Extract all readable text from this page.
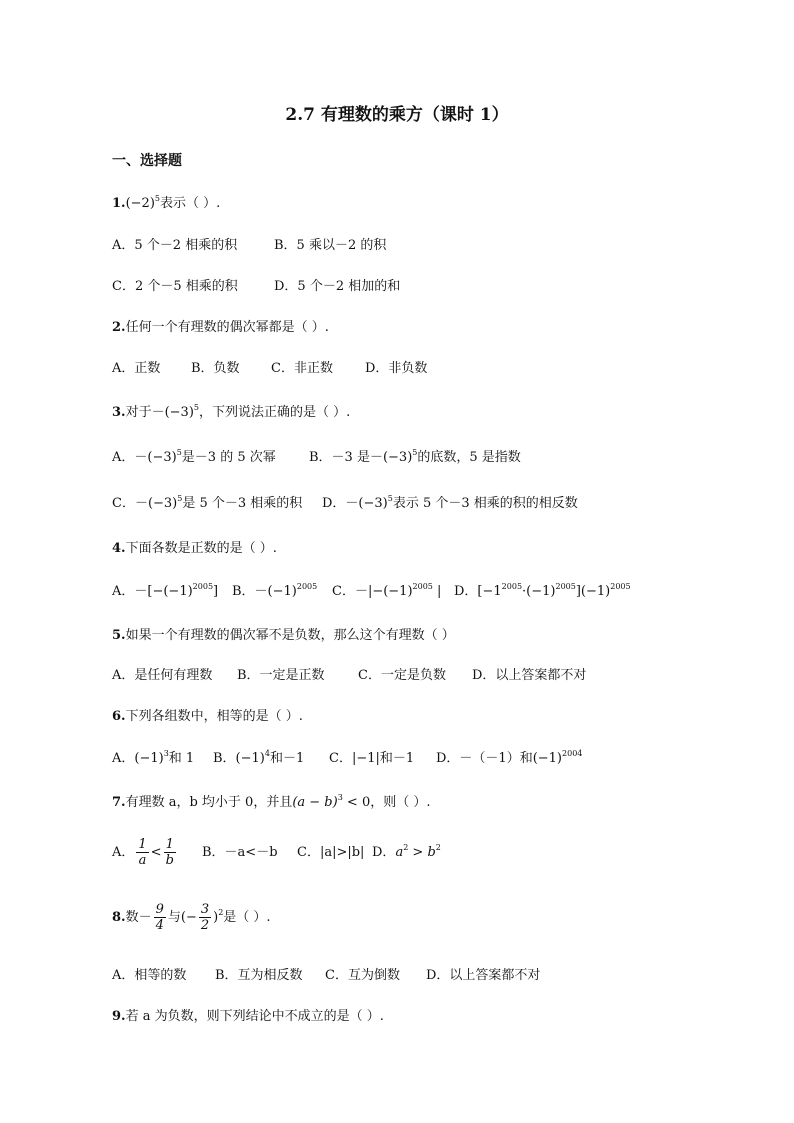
2.7 有理数的乘方（课时 1）
一、选择题
$1.(-2)^5$表示（ ）.
A．5 个－2 相乘的积	B．5 乘以－2 的积
C．2 个－5 相乘的积	D．5 个－2 相加的和
2.任何一个有理数的偶次幂都是（ ）.
A．正数 B．负数 C．非正数 D．非负数
3.对于$-(-3)^5$，下列说法正确的是（ ）.
A．$-(-3)^5$是－3 的 5 次幂	B．－3 是$-(-3)^5$的底数，5 是指数
C．$-(-3)^5$是 5 个－3 相乘的积 D．$-(-3)^5$表示 5 个－3 相乘的积的相反数
4.下面各数是正数的是（ ）.
A．$-[-(-1)^{2005}]$ B．$-(-1)^{2005}$ C．$-|-(-1)^{2005}$ | D．$[-1^{2005}\cdot(-1)^{2005}](-1)^{2005}$
5.如果一个有理数的偶次幂不是负数，那么这个有理数（ ）
A．是任何有理数 B．一定是正数	C．一定是负数 D．以上答案都不对
6.下列各组数中，相等的是（ ）.
A．$(-1)^3$和 1 B．$(-1)^4$和－1 C．|−1|和－1 D．－（－1）和$(-1)^{2004}$
7.有理数 a，b 均小于 0，并且$(a - b)^3 < 0$，则（ ）.
A． $\frac{1}{a} < \frac{1}{b}$ B．－a<－b C．|a|>|b| D．$a^2 > b^2$
8.数－ $\frac{9}{4}$ 与(− $\frac{3}{2} )^2$是（ ）.
A．相等的数 B．互为相反数 C．互为倒数 D．以上答案都不对
9.若 a 为负数，则下列结论中不成立的是（ ）.
